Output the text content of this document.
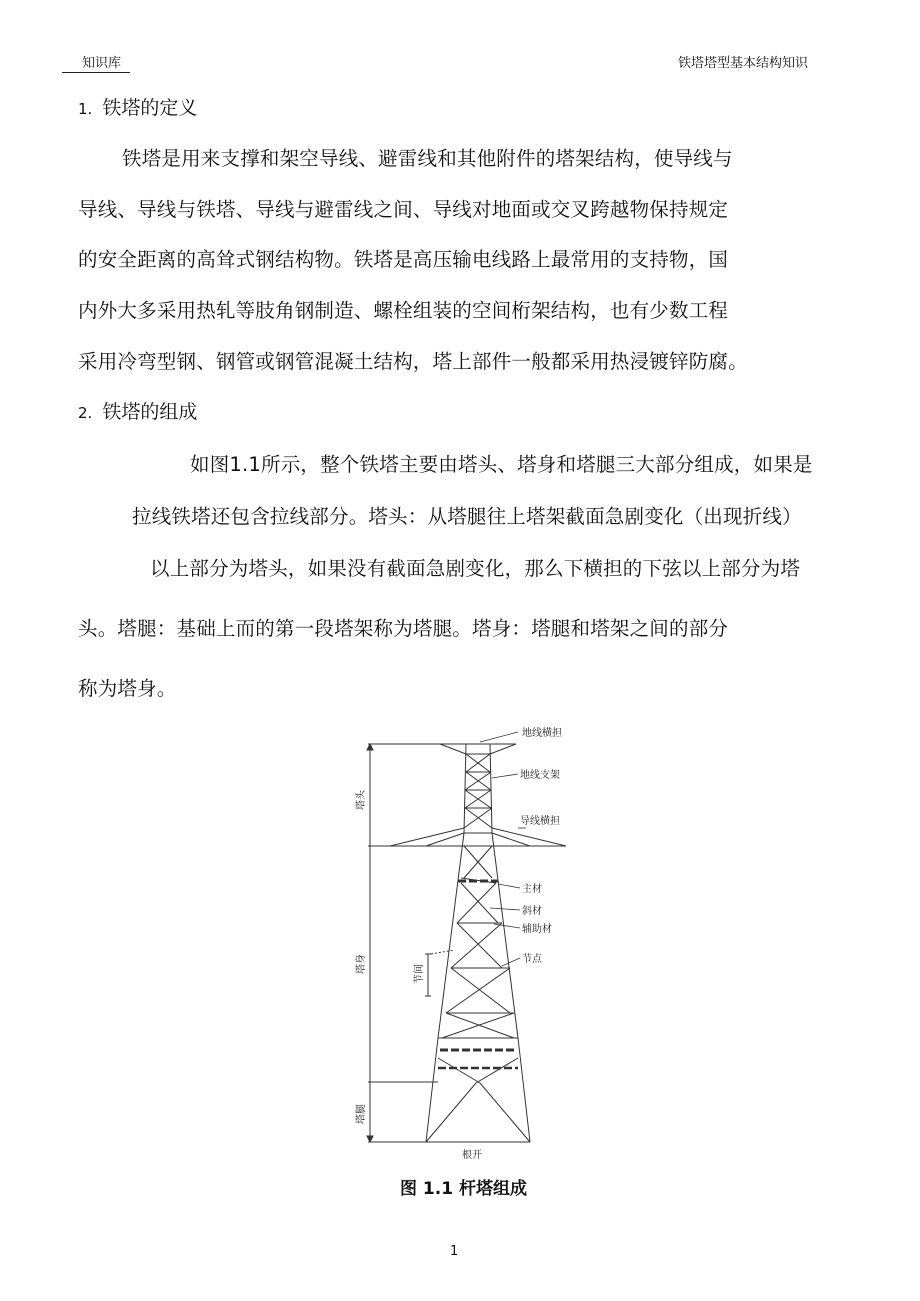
知识库	铁塔塔型基本结构知识
1. 铁塔的定义
铁塔是用来支撑和架空导线、避雷线和其他附件的塔架结构，使导线与
导线、导线与铁塔、导线与避雷线之间、导线对地面或交叉跨越物保持规定
的安全距离的高耸式钢结构物。铁塔是高压输电线路上最常用的支持物，国
内外大多采用热轧等肢角钢制造、螺栓组装的空间桁架结构，也有少数工程
采用冷弯型钢、钢管或钢管混凝土结构，塔上部件一般都采用热浸镀锌防腐。
2. 铁塔的组成
如图1.1所示，整个铁塔主要由塔头、塔身和塔腿三大部分组成，如果是
拉线铁塔还包含拉线部分。塔头：从塔腿往上塔架截面急剧变化（出现折线）
以上部分为塔头，如果没有截面急剧变化，那么下横担的下弦以上部分为塔
头。塔腿：基础上而的第一段塔架称为塔腿。塔身：塔腿和塔架之间的部分
称为塔身。
地线横担
地线支架
导线横担
主材
斜材
辅助材
节点
节间
塔头
塔身
塔腿
根开
图 1.1 杆塔组成
1
